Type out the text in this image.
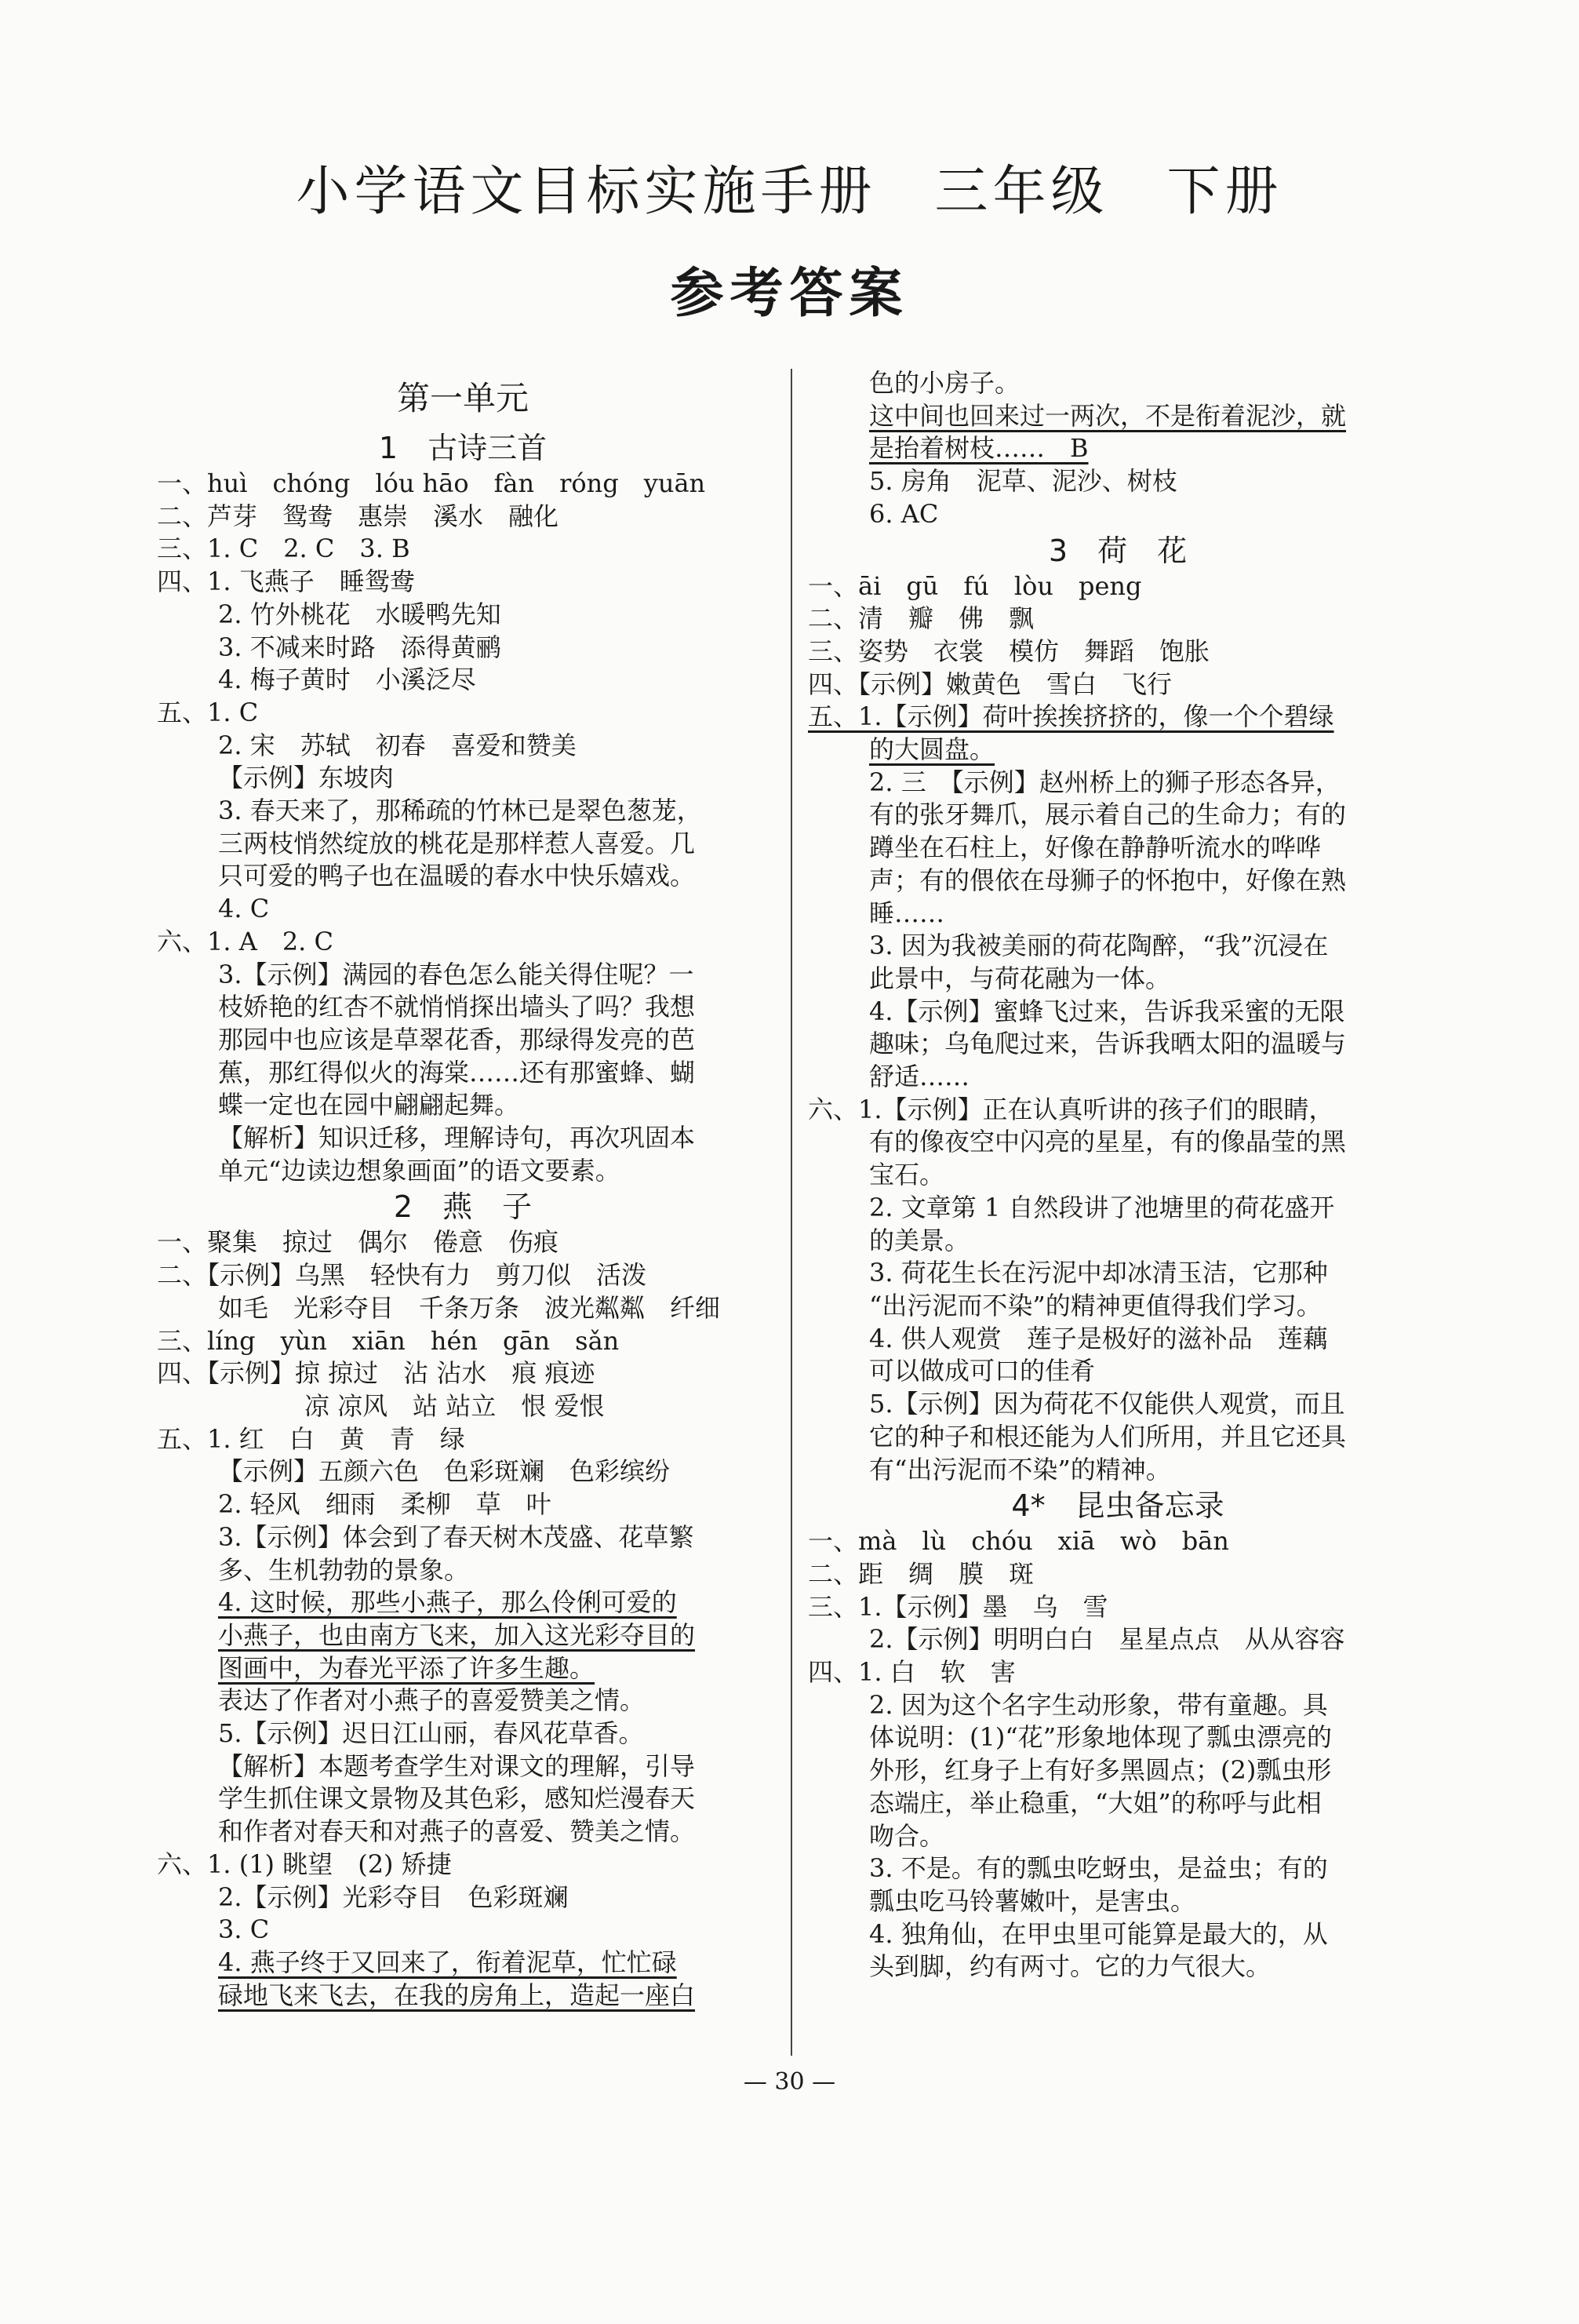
小学语文目标实施手册　三年级　下册
参考答案
第一单元
1　古诗三首
一、huì　chóng　lóu hāo　fàn　róng　yuān
二、芦芽　鸳鸯　惠崇　溪水　融化
三、1. C　2. C　3. B
四、1. 飞燕子　睡鸳鸯
2. 竹外桃花　水暖鸭先知
3. 不减来时路　添得黄鹂
4. 梅子黄时　小溪泛尽
五、1. C
2. 宋　苏轼　初春　喜爱和赞美
【示例】东坡肉
3. 春天来了，那稀疏的竹林已是翠色葱茏，
三两枝悄然绽放的桃花是那样惹人喜爱。几
只可爱的鸭子也在温暖的春水中快乐嬉戏。
4. C
六、1. A　2. C
3.【示例】满园的春色怎么能关得住呢？一
枝娇艳的红杏不就悄悄探出墙头了吗？我想
那园中也应该是草翠花香，那绿得发亮的芭
蕉，那红得似火的海棠……还有那蜜蜂、蝴
蝶一定也在园中翩翩起舞。
【解析】知识迁移，理解诗句，再次巩固本
单元“边读边想象画面”的语文要素。
2　燕　子
一、聚集　掠过　偶尔　倦意　伤痕
二、【示例】乌黑　轻快有力　剪刀似　活泼
如毛　光彩夺目　千条万条　波光粼粼　纤细
三、líng　yùn　xiān　hén　gān　sǎn
四、【示例】掠 掠过　沾 沾水　痕 痕迹
凉 凉风　站 站立　恨 爱恨
五、1. 红　白　黄　青　绿
【示例】五颜六色　色彩斑斓　色彩缤纷
2. 轻风　细雨　柔柳　草　叶
3.【示例】体会到了春天树木茂盛、花草繁
多、生机勃勃的景象。
4. 这时候，那些小燕子，那么伶俐可爱的
小燕子，也由南方飞来，加入这光彩夺目的
图画中，为春光平添了许多生趣。
表达了作者对小燕子的喜爱赞美之情。
5.【示例】迟日江山丽，春风花草香。
【解析】本题考查学生对课文的理解，引导
学生抓住课文景物及其色彩，感知烂漫春天
和作者对春天和对燕子的喜爱、赞美之情。
六、1. (1) 眺望　(2) 矫捷
2.【示例】光彩夺目　色彩斑斓
3. C
4. 燕子终于又回来了，衔着泥草，忙忙碌
碌地飞来飞去，在我的房角上，造起一座白
色的小房子。
这中间也回来过一两次，不是衔着泥沙，就
是抬着树枝……　B
5. 房角　泥草、泥沙、树枝
6. AC
3　荷　花
一、āi　gū　fú　lòu　peng
二、清　瓣　佛　飘
三、姿势　衣裳　模仿　舞蹈　饱胀
四、【示例】嫩黄色　雪白　飞行
五、1.【示例】荷叶挨挨挤挤的，像一个个碧绿
的大圆盘。
2. 三　【示例】赵州桥上的狮子形态各异，
有的张牙舞爪，展示着自己的生命力；有的
蹲坐在石柱上，好像在静静听流水的哗哗
声；有的偎依在母狮子的怀抱中，好像在熟
睡……
3. 因为我被美丽的荷花陶醉，“我”沉浸在
此景中，与荷花融为一体。
4.【示例】蜜蜂飞过来，告诉我采蜜的无限
趣味；乌龟爬过来，告诉我晒太阳的温暖与
舒适……
六、1.【示例】正在认真听讲的孩子们的眼睛，
有的像夜空中闪亮的星星，有的像晶莹的黑
宝石。
2. 文章第 1 自然段讲了池塘里的荷花盛开
的美景。
3. 荷花生长在污泥中却冰清玉洁，它那种
“出污泥而不染”的精神更值得我们学习。
4. 供人观赏　莲子是极好的滋补品　莲藕
可以做成可口的佳肴
5.【示例】因为荷花不仅能供人观赏，而且
它的种子和根还能为人们所用，并且它还具
有“出污泥而不染”的精神。
4*　昆虫备忘录
一、mà　lù　chóu　xiā　wò　bān
二、距　绸　膜　斑
三、1.【示例】墨　乌　雪
2.【示例】明明白白　星星点点　从从容容
四、1. 白　软　害
2. 因为这个名字生动形象，带有童趣。具
体说明：(1)“花”形象地体现了瓢虫漂亮的
外形，红身子上有好多黑圆点；(2)瓢虫形
态端庄，举止稳重，“大姐”的称呼与此相
吻合。
3. 不是。有的瓢虫吃蚜虫，是益虫；有的
瓢虫吃马铃薯嫩叶，是害虫。
4. 独角仙，在甲虫里可能算是最大的，从
头到脚，约有两寸。它的力气很大。
— 30 —
